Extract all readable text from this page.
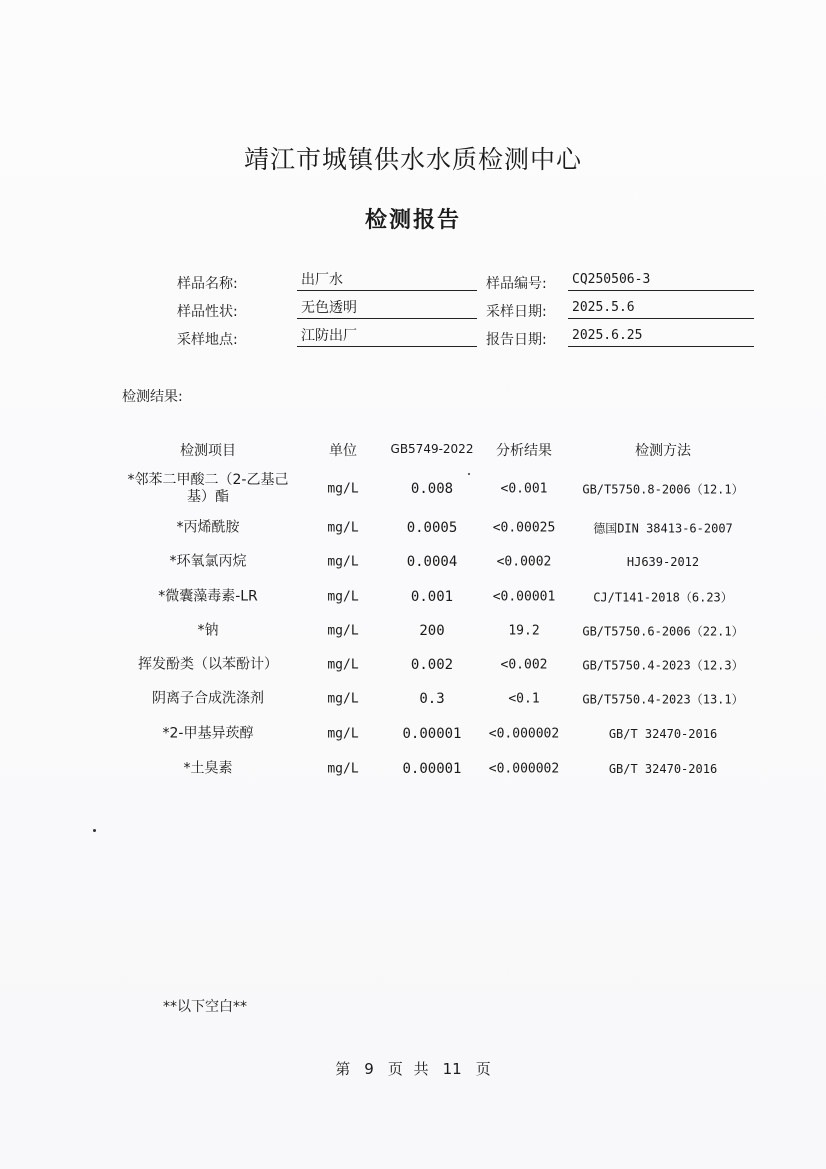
靖江市城镇供水水质检测中心
检测报告
样品名称:	出厂水	样品编号:	CQ250506-3
样品性状:	无色透明	采样日期:	2025.5.6
采样地点:	江防出厂	报告日期:	2025.6.25
检测结果:
检测项目	单位	GB5749-2022	分析结果	检测方法
*邻苯二甲酸二（2-乙基己基）酯	mg/L	0.008	<0.001	GB/T5750.8-2006（12.1）
*丙烯酰胺	mg/L	0.0005	<0.00025	德国DIN 38413-6-2007
*环氧氯丙烷	mg/L	0.0004	<0.0002	HJ639-2012
*微囊藻毒素-LR	mg/L	0.001	<0.00001	CJ/T141-2018（6.23）
*钠	mg/L	200	19.2	GB/T5750.6-2006（22.1）
挥发酚类（以苯酚计）	mg/L	0.002	<0.002	GB/T5750.4-2023（12.3）
阴离子合成洗涤剂	mg/L	0.3	<0.1	GB/T5750.4-2023（13.1）
*2-甲基异莰醇	mg/L	0.00001	<0.000002	GB/T 32470-2016
*土臭素	mg/L	0.00001	<0.000002	GB/T 32470-2016
**以下空白**
第 9 页 共 11 页
